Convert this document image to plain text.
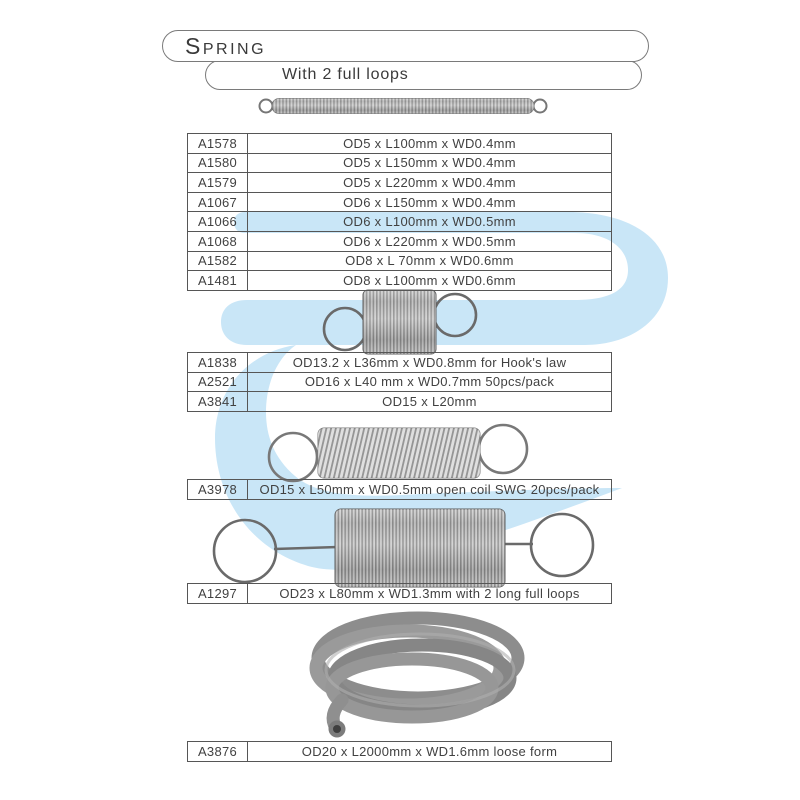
Spring
With 2 full loops
A1578	OD5 x L100mm x WD0.4mm
A1580	OD5 x L150mm x WD0.4mm
A1579	OD5 x L220mm x WD0.4mm
A1067	OD6 x L150mm x WD0.4mm
A1066	OD6 x L100mm x WD0.5mm
A1068	OD6 x L220mm x WD0.5mm
A1582	OD8 x L 70mm x WD0.6mm
A1481	OD8 x L100mm x WD0.6mm
A1838	OD13.2 x L36mm x WD0.8mm for Hook's law
A2521	OD16 x L40 mm x WD0.7mm 50pcs/pack
A3841	OD15 x L20mm
A3978	OD15 x L50mm x WD0.5mm open coil SWG 20pcs/pack
A1297	OD23 x L80mm x WD1.3mm with 2 long full loops
A3876	OD20 x L2000mm x WD1.6mm loose form
